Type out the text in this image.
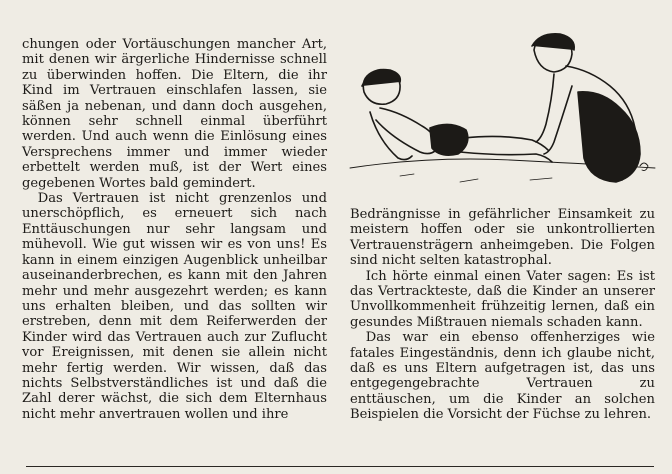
chungen oder Vortäuschungen mancher Art, mit denen wir ärgerliche Hindernisse schnell zu überwinden hoffen. Die Eltern, die ihr Kind im Vertrauen einschlafen lassen, sie säßen ja nebenan, und dann doch ausgehen, können sehr schnell einmal überführt werden. Und auch wenn die Einlösung eines Versprechens immer und immer wieder erbettelt werden muß, ist der Wert eines gegebenen Wortes bald gemindert.

Das Vertrauen ist nicht grenzenlos und unerschöpflich, es erneuert sich nach Enttäuschungen nur sehr langsam und mühevoll. Wie gut wissen wir es von uns! Es kann in einem einzigen Augenblick unheilbar auseinanderbrechen, es kann mit den Jahren mehr und mehr ausgezehrt werden; es kann uns erhalten bleiben, und das sollten wir erstreben, denn mit dem Reiferwerden der Kinder wird das Vertrauen auch zur Zuflucht vor Ereignissen, mit denen sie allein nicht mehr fertig werden. Wir wissen, daß das nichts Selbstverständliches ist und daß die Zahl derer wächst, die sich dem Elternhaus nicht mehr anvertrauen wollen und ihre

Bedrängnisse in gefährlicher Einsamkeit zu meistern hoffen oder sie unkontrollierten Vertrauensträgern anheimgeben. Die Folgen sind nicht selten katastrophal.

Ich hörte einmal einen Vater sagen: Es ist das Vertrackteste, daß die Kinder an unserer Unvollkommenheit frühzeitig lernen, daß ein gesundes Mißtrauen niemals schaden kann.

Das war ein ebenso offenherziges wie fatales Eingeständnis, denn ich glaube nicht, daß es uns Eltern aufgetragen ist, das uns entgegengebrachte Vertrauen zu enttäuschen, um die Kinder an solchen Beispielen die Vorsicht der Füchse zu lehren.
